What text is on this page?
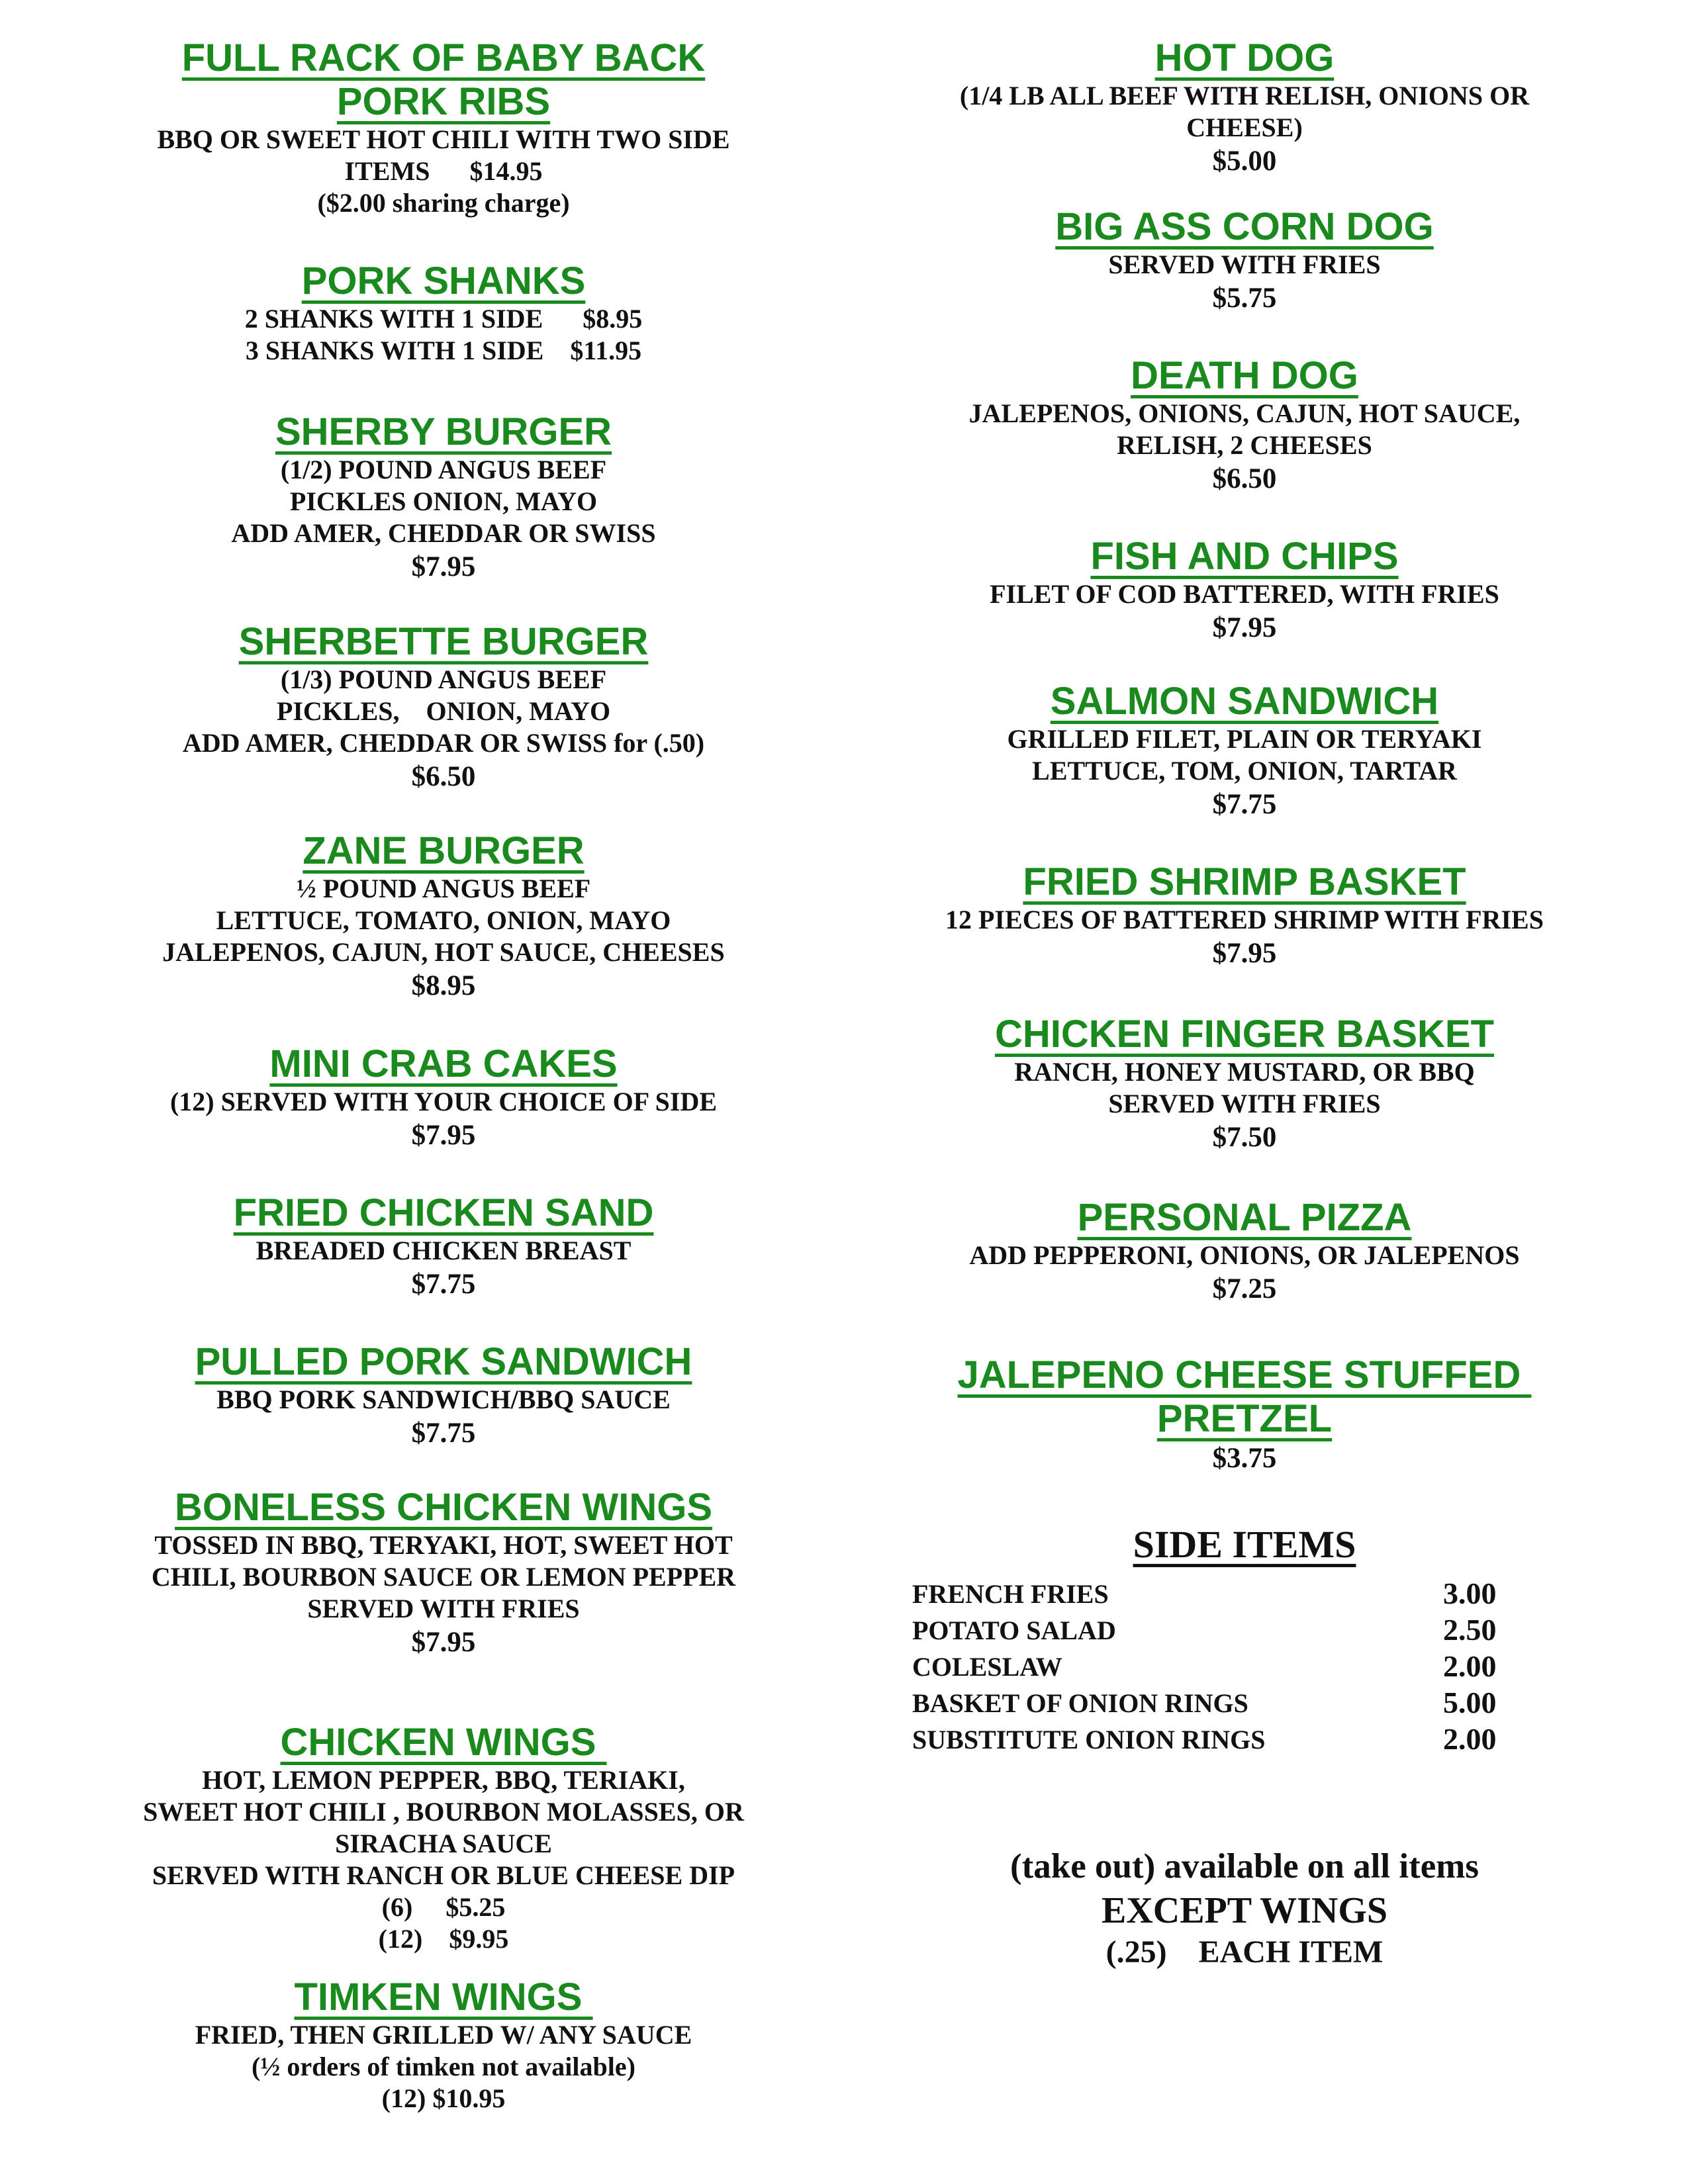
FULL RACK OF BABY BACK
PORK RIBS
BBQ OR SWEET HOT CHILI WITH TWO SIDE
ITEMS      $14.95
($2.00 sharing charge)
PORK SHANKS
2 SHANKS WITH 1 SIDE      $8.95
3 SHANKS WITH 1 SIDE    $11.95
SHERBY BURGER
(1/2) POUND ANGUS BEEF
PICKLES ONION, MAYO
ADD AMER, CHEDDAR OR SWISS
$7.95
SHERBETTE BURGER
(1/3) POUND ANGUS BEEF
PICKLES,    ONION, MAYO
ADD AMER, CHEDDAR OR SWISS for (.50)
$6.50
ZANE BURGER
½ POUND ANGUS BEEF
LETTUCE, TOMATO, ONION, MAYO
JALEPENOS, CAJUN, HOT SAUCE, CHEESES
$8.95
MINI CRAB CAKES
(12) SERVED WITH YOUR CHOICE OF SIDE
$7.95
FRIED CHICKEN SAND
BREADED CHICKEN BREAST
$7.75
PULLED PORK SANDWICH
BBQ PORK SANDWICH/BBQ SAUCE
$7.75
BONELESS CHICKEN WINGS
TOSSED IN BBQ, TERYAKI, HOT, SWEET HOT
CHILI, BOURBON SAUCE OR LEMON PEPPER
SERVED WITH FRIES
$7.95
CHICKEN WINGS
HOT, LEMON PEPPER, BBQ, TERIAKI,
SWEET HOT CHILI , BOURBON MOLASSES, OR
SIRACHA SAUCE
SERVED WITH RANCH OR BLUE CHEESE DIP
(6)     $5.25
(12)    $9.95
TIMKEN WINGS
FRIED, THEN GRILLED W/ ANY SAUCE
(½ orders of timken not available)
(12) $10.95
HOT DOG
(1/4 LB ALL BEEF WITH RELISH, ONIONS OR
CHEESE)
$5.00
BIG ASS CORN DOG
SERVED WITH FRIES
$5.75
DEATH DOG
JALEPENOS, ONIONS, CAJUN, HOT SAUCE,
RELISH, 2 CHEESES
$6.50
FISH AND CHIPS
FILET OF COD BATTERED, WITH FRIES
$7.95
SALMON SANDWICH
GRILLED FILET, PLAIN OR TERYAKI
LETTUCE, TOM, ONION, TARTAR
$7.75
FRIED SHRIMP BASKET
12 PIECES OF BATTERED SHRIMP WITH FRIES
$7.95
CHICKEN FINGER BASKET
RANCH, HONEY MUSTARD, OR BBQ
SERVED WITH FRIES
$7.50
PERSONAL PIZZA
ADD PEPPERONI, ONIONS, OR JALEPENOS
$7.25
JALEPENO CHEESE STUFFED
PRETZEL
$3.75
SIDE ITEMS
FRENCH FRIES	3.00
POTATO SALAD	2.50
COLESLAW	2.00
BASKET OF ONION RINGS	5.00
SUBSTITUTE ONION RINGS	2.00
(take out) available on all items
EXCEPT WINGS
(.25)    EACH ITEM
